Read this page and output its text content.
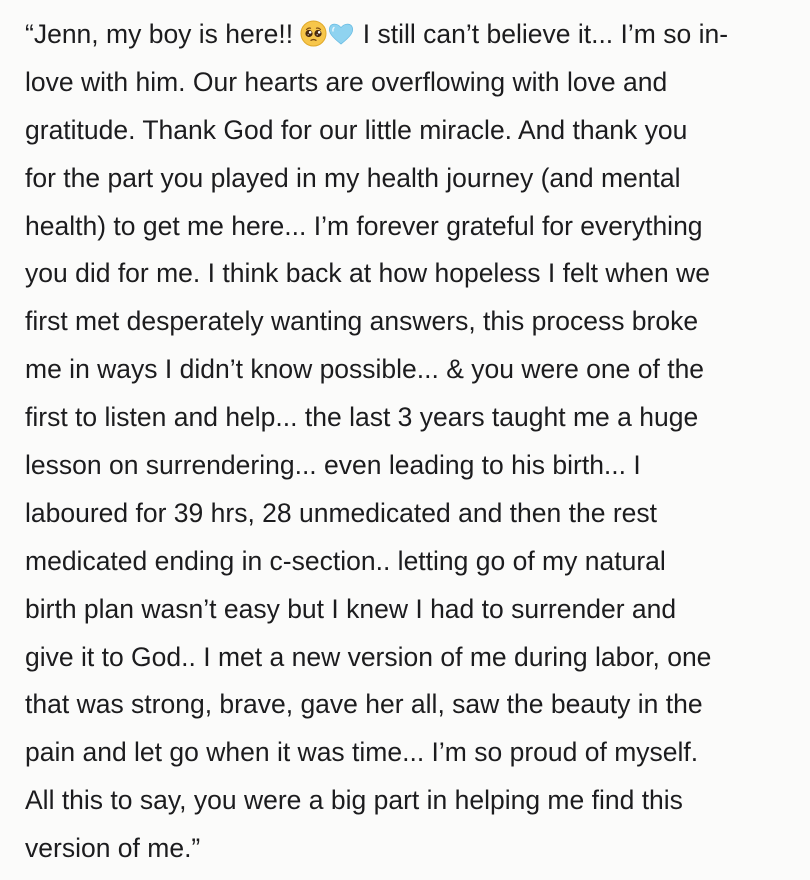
“Jenn, my boy is here!!
I still can’t believe it... I’m so in-
love with him. Our hearts are overflowing with love and
gratitude. Thank God for our little miracle. And thank you
for the part you played in my health journey (and mental
health) to get me here... I’m forever grateful for everything
you did for me. I think back at how hopeless I felt when we
first met desperately wanting answers, this process broke
me in ways I didn’t know possible... & you were one of the
first to listen and help... the last 3 years taught me a huge
lesson on surrendering... even leading to his birth... I
laboured for 39 hrs, 28 unmedicated and then the rest
medicated ending in c-section.. letting go of my natural
birth plan wasn’t easy but I knew I had to surrender and
give it to God.. I met a new version of me during labor, one
that was strong, brave, gave her all, saw the beauty in the
pain and let go when it was time... I’m so proud of myself.
All this to say, you were a big part in helping me find this
version of me.”
